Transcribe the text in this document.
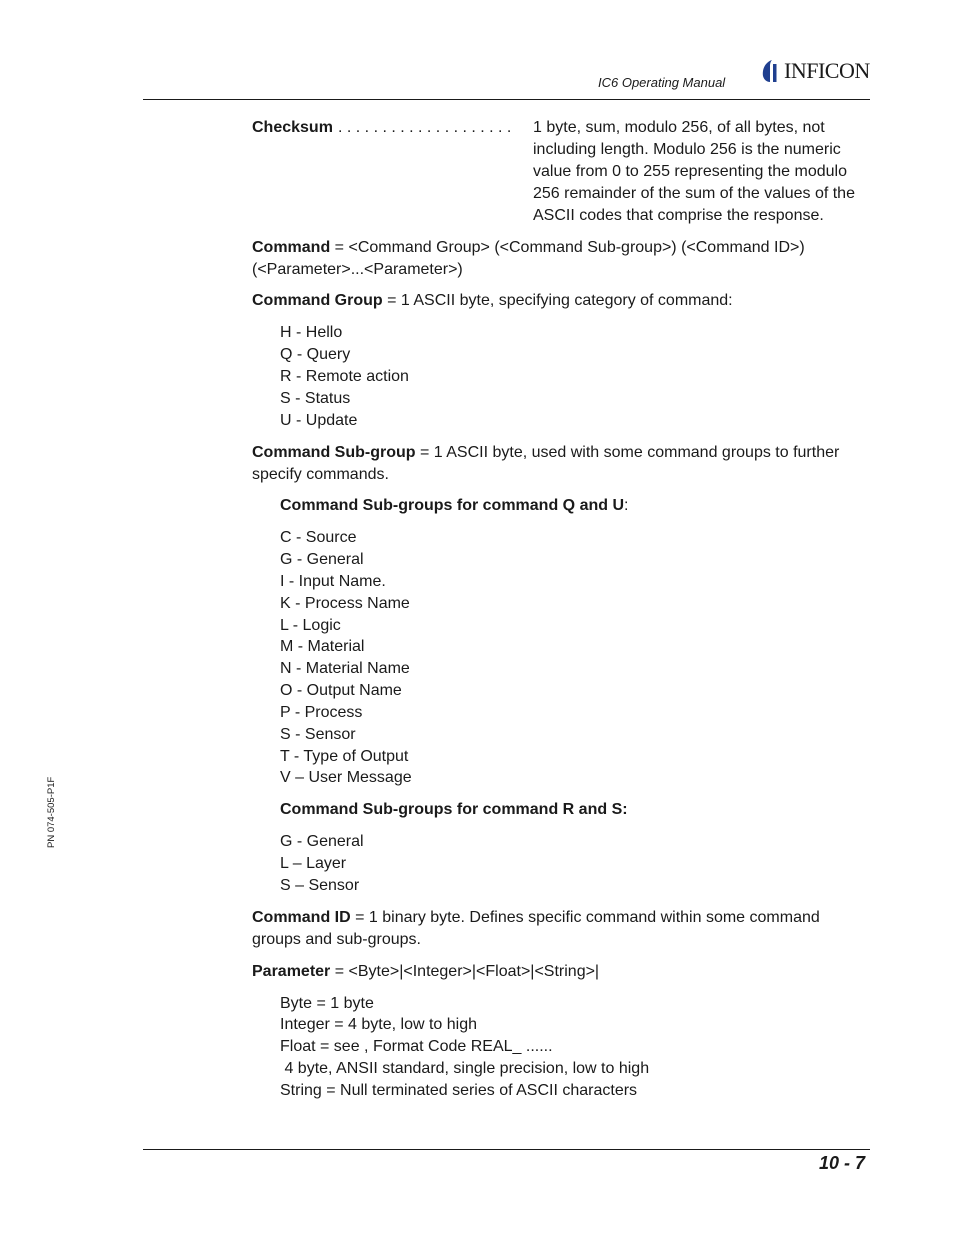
IC6 Operating Manual	INFICON
PN 074-505-P1F
Checksum . . . . . . . . . . . . . . . . . . . . 1 byte, sum, modulo 256, of all bytes, not
including length. Modulo 256 is the numeric
value from 0 to 255 representing the modulo
256 remainder of the sum of the values of the
ASCII codes that comprise the response.
Command = <Command Group> (<Command Sub-group>) (<Command ID>)
(<Parameter>...<Parameter>)
Command Group = 1 ASCII byte, specifying category of command:
H - Hello
Q - Query
R - Remote action
S - Status
U - Update
Command Sub-group = 1 ASCII byte, used with some command groups to further
specify commands.
Command Sub-groups for command Q and U:
C - Source
G - General
I - Input Name.
K - Process Name
L - Logic
M - Material
N - Material Name
O - Output Name
P - Process
S - Sensor
T - Type of Output
V – User Message
Command Sub-groups for command R and S:
G - General
L – Layer
S – Sensor
Command ID = 1 binary byte. Defines specific command within some command
groups and sub-groups.
Parameter = <Byte>|<Integer>|<Float>|<String>|
Byte = 1 byte
Integer = 4 byte, low to high
Float = see , Format Code REAL_ ......
4 byte, ANSII standard, single precision, low to high
String = Null terminated series of ASCII characters
10 - 7
